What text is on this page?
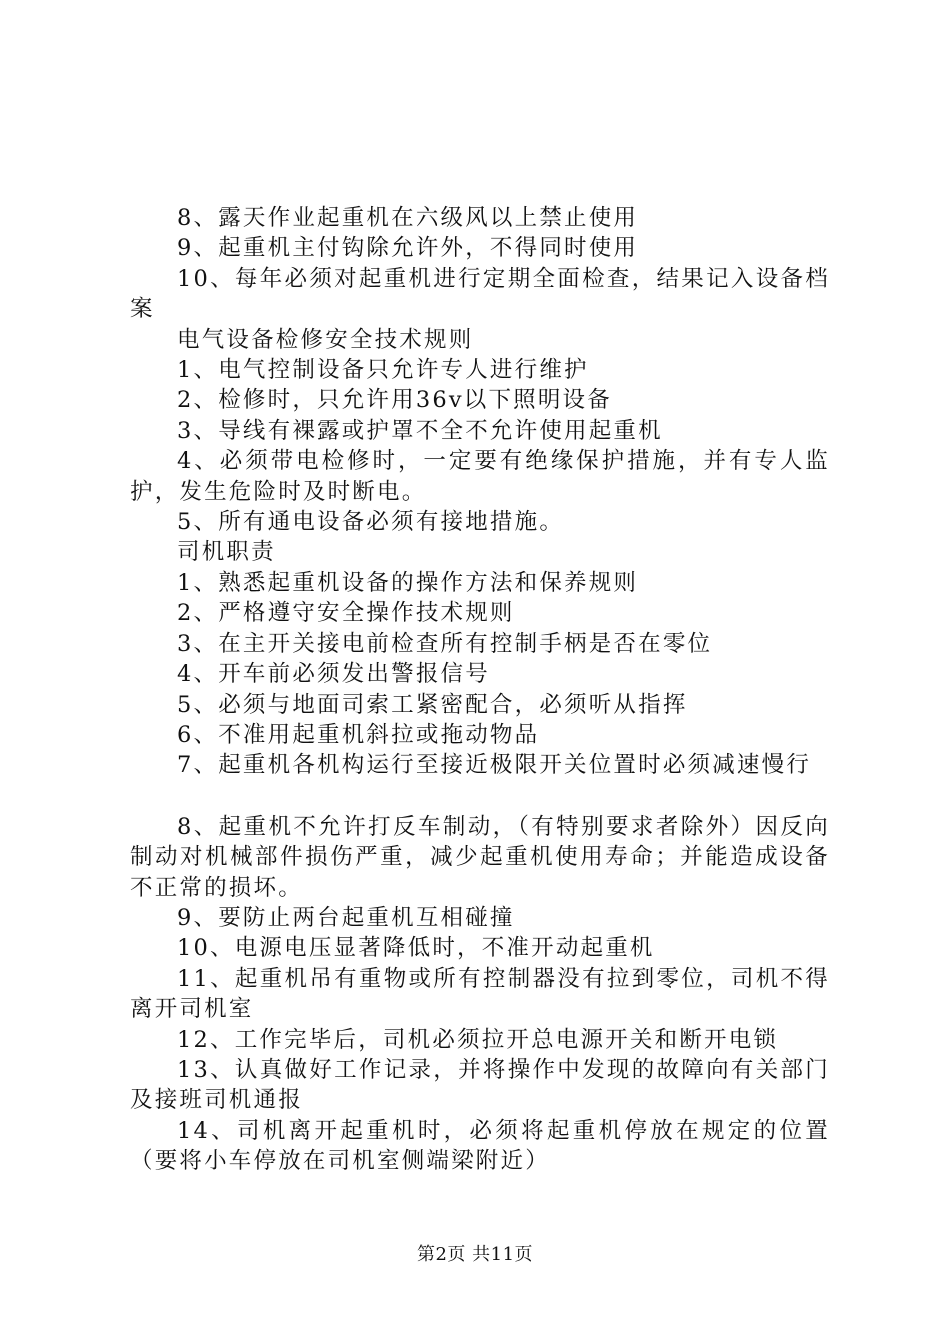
8、露天作业起重机在六级风以上禁止使用

9、起重机主付钩除允许外，不得同时使用

10、每年必须对起重机进行定期全面检查，结果记入设备档案

电气设备检修安全技术规则

1、电气控制设备只允许专人进行维护

2、检修时，只允许用36v以下照明设备

3、导线有裸露或护罩不全不允许使用起重机

4、必须带电检修时，一定要有绝缘保护措施，并有专人监护，发生危险时及时断电。

5、所有通电设备必须有接地措施。

司机职责

1、熟悉起重机设备的操作方法和保养规则

2、严格遵守安全操作技术规则

3、在主开关接电前检查所有控制手柄是否在零位

4、开车前必须发出警报信号

5、必须与地面司索工紧密配合，必须听从指挥

6、不准用起重机斜拉或拖动物品

7、起重机各机构运行至接近极限开关位置时必须减速慢行

8、起重机不允许打反车制动，（有特别要求者除外）因反向制动对机械部件损伤严重，减少起重机使用寿命；并能造成设备不正常的损坏。

9、要防止两台起重机互相碰撞

10、电源电压显著降低时，不准开动起重机

11、起重机吊有重物或所有控制器没有拉到零位，司机不得离开司机室

12、工作完毕后，司机必须拉开总电源开关和断开电锁

13、认真做好工作记录，并将操作中发现的故障向有关部门及接班司机通报

14、司机离开起重机时，必须将起重机停放在规定的位置（要将小车停放在司机室侧端梁附近）

第2页 共11页
